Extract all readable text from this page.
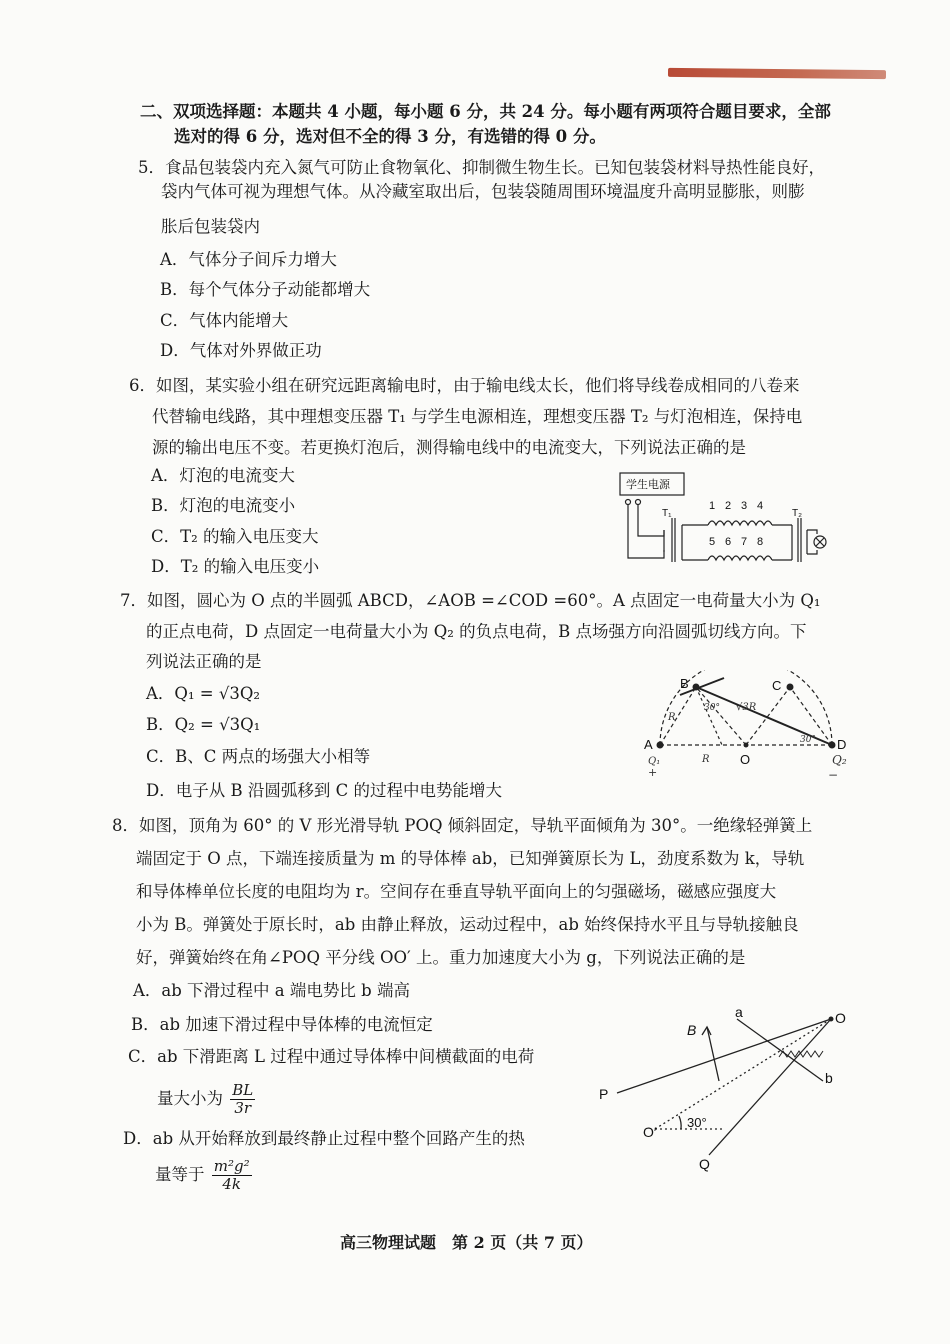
二、双项选择题：本题共 4 小题，每小题 6 分，共 24 分。每小题有两项符合题目要求，全部
选对的得 6 分，选对但不全的得 3 分，有选错的得 0 分。
5．食品包装袋内充入氮气可防止食物氧化、抑制微生物生长。已知包装袋材料导热性能良好，
袋内气体可视为理想气体。从冷藏室取出后，包装袋随周围环境温度升高明显膨胀，则膨
胀后包装袋内
A．气体分子间斥力增大
B．每个气体分子动能都增大
C．气体内能增大
D．气体对外界做正功
6．如图，某实验小组在研究远距离输电时，由于输电线太长，他们将导线卷成相同的八卷来
代替输电线路，其中理想变压器 T₁ 与学生电源相连，理想变压器 T₂ 与灯泡相连，保持电
源的输出电压不变。若更换灯泡后，测得输电线中的电流变大，下列说法正确的是
A．灯泡的电流变大
B．灯泡的电流变小
C．T₂ 的输入电压变大
D．T₂ 的输入电压变小
学生电源
T₁	T₂
1 2 3 4
5 6 7 8
7．如图，圆心为 O 点的半圆弧 ABCD，∠AOB =∠COD =60°。A 点固定一电荷量大小为 Q₁
的正点电荷，D 点固定一电荷量大小为 Q₂ 的负点电荷，B 点场强方向沿圆弧切线方向。下
列说法正确的是
A．Q₁ = √3Q₂
B．Q₂ = √3Q₁
C．B、C 两点的场强大小相等
D．电子从 B 沿圆弧移到 C 的过程中电势能增大
A
B	C
D
O
R
R
√3R
30°
30°
Q₁	Q₂
+	−
8．如图，顶角为 60° 的 V 形光滑导轨 POQ 倾斜固定，导轨平面倾角为 30°。一绝缘轻弹簧上
端固定于 O 点，下端连接质量为 m 的导体棒 ab，已知弹簧原长为 L，劲度系数为 k，导轨
和导体棒单位长度的电阻均为 r。空间存在垂直导轨平面向上的匀强磁场，磁感应强度大
小为 B。弹簧处于原长时，ab 由静止释放，运动过程中，ab 始终保持水平且与导轨接触良
好，弹簧始终在角∠POQ 平分线 OO′ 上。重力加速度大小为 g，下列说法正确的是
A．ab 下滑过程中 a 端电势比 b 端高
B．ab 加速下滑过程中导体棒的电流恒定
C．ab 下滑距离 L 过程中通过导体棒中间横截面的电荷
量大小为 $\frac{BL}{3r}$
D．ab 从开始释放到最终静止过程中整个回路产生的热
量等于 $\frac{\text{m²g²}}{4k}$
B
a
b
O
P
Q
O′
30°
高三物理试题　第 2 页（共 7 页）
